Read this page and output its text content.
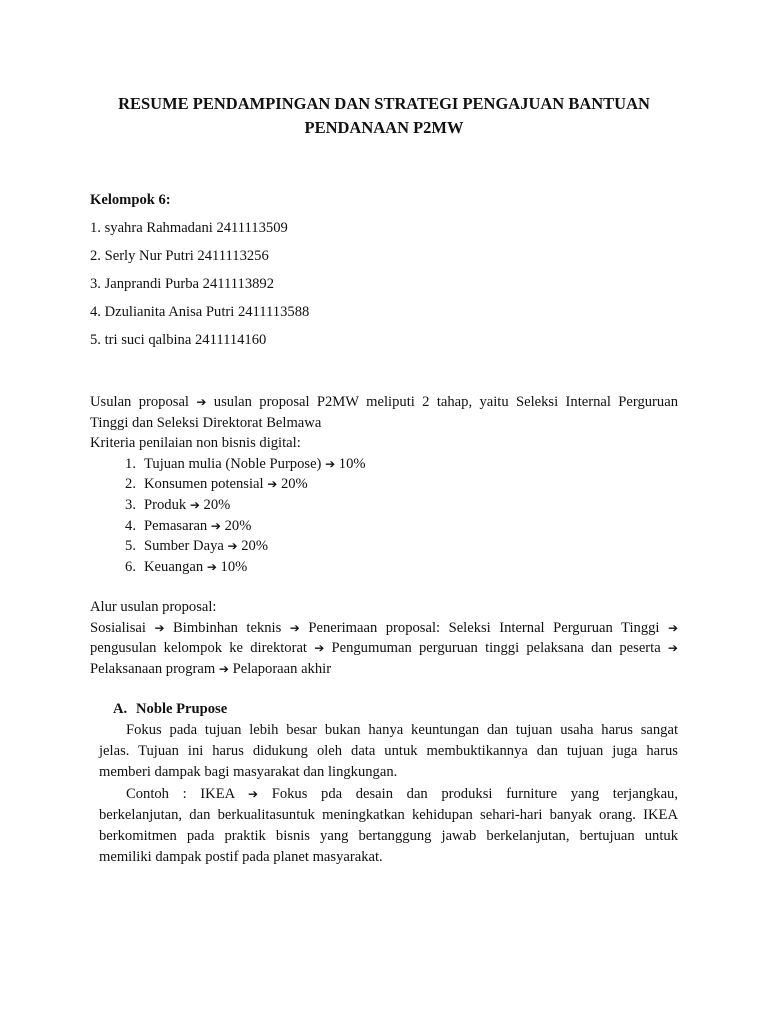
RESUME PENDAMPINGAN DAN STRATEGI PENGAJUAN BANTUAN
PENDANAAN P2MW
Kelompok 6:
1. syahra Rahmadani 2411113509
2. Serly Nur Putri 2411113256
3. Janprandi Purba 2411113892
4. Dzulianita Anisa Putri 2411113588
5. tri suci qalbina 2411114160
Usulan proposal ➔ usulan proposal P2MW meliputi 2 tahap, yaitu Seleksi Internal Perguruan
Tinggi dan Seleksi Direktorat Belmawa
Kriteria penilaian non bisnis digital:
1. Tujuan mulia (Noble Purpose) ➔ 10%
2. Konsumen potensial ➔ 20%
3. Produk ➔ 20%
4. Pemasaran ➔ 20%
5. Sumber Daya ➔ 20%
6. Keuangan ➔ 10%
Alur usulan proposal:
Sosialisai ➔ Bimbinhan teknis ➔ Penerimaan proposal: Seleksi Internal Perguruan Tinggi ➔
pengusulan kelompok ke direktorat ➔ Pengumuman perguruan tinggi pelaksana dan peserta ➔
Pelaksanaan program ➔ Pelaporaan akhir
A. Noble Prupose
Fokus pada tujuan lebih besar bukan hanya keuntungan dan tujuan usaha harus sangat
jelas. Tujuan ini harus didukung oleh data untuk membuktikannya dan tujuan juga harus
memberi dampak bagi masyarakat dan lingkungan.
Contoh : IKEA ➔ Fokus pda desain dan produksi furniture yang terjangkau,
berkelanjutan, dan berkualitasuntuk meningkatkan kehidupan sehari-hari banyak orang. IKEA
berkomitmen pada praktik bisnis yang bertanggung jawab berkelanjutan, bertujuan untuk
memiliki dampak postif pada planet masyarakat.
